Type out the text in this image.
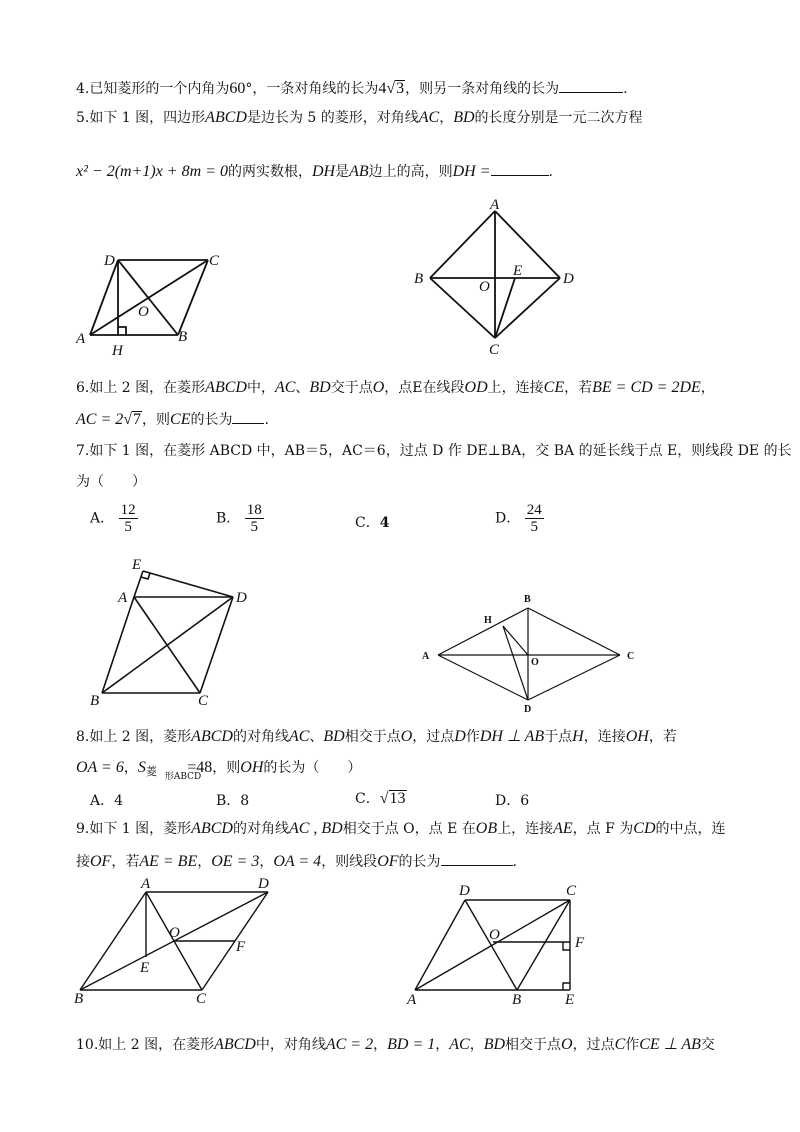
4.已知菱形的一个内角为60°，一条对角线的长为4√3，则另一条对角线的长为	.
5.如下 1 图，四边形ABCD是边长为 5 的菱形，对角线AC，BD的长度分别是一元二次方程
x² − 2(m+1)x + 8m = 0的两实数根，DH是AB边上的高，则DH =	.
D	C
O
A
H
B
A
B	O
E	D
C
6.如上 2 图，在菱形ABCD中，AC、BD交于点O，点E在线段OD上，连接CE，若BE = CD = 2DE，
AC = 2√7，则CE的长为 .
7.如下 1 图，在菱形 ABCD 中，AB＝5，AC＝6，过点 D 作 DE⊥BA，交 BA 的延长线于点 E，则线段 DE 的长
为（　　）
A． $\frac{12}{5}$	B． $\frac{18}{5}$	C．4	D． $\frac{24}{5}$
E
A	D
B	C
B
H
A
O
C
D
8.如上 2 图，菱形ABCD的对角线AC、BD相交于点O，过点D作DH ⊥ AB于点H，连接OH，若
OA = 6，$S_菱$ 形ABCD=48，则OH的长为（　　）
A．4	B．8	C．√13	D．6
9.如下 1 图，菱形ABCD的对角线AC , BD相交于点 O，点 E 在OB上，连接AE，点 F 为CD的中点，连
接OF，若AE = BE，OE = 3，OA = 4，则线段OF的长为	.
A	D
O
F
E
B	C
D	C
O	F
A	B	E
10.如上 2 图，在菱形ABCD中，对角线AC = 2，BD = 1，AC，BD相交于点O，过点C作CE ⊥ AB交
